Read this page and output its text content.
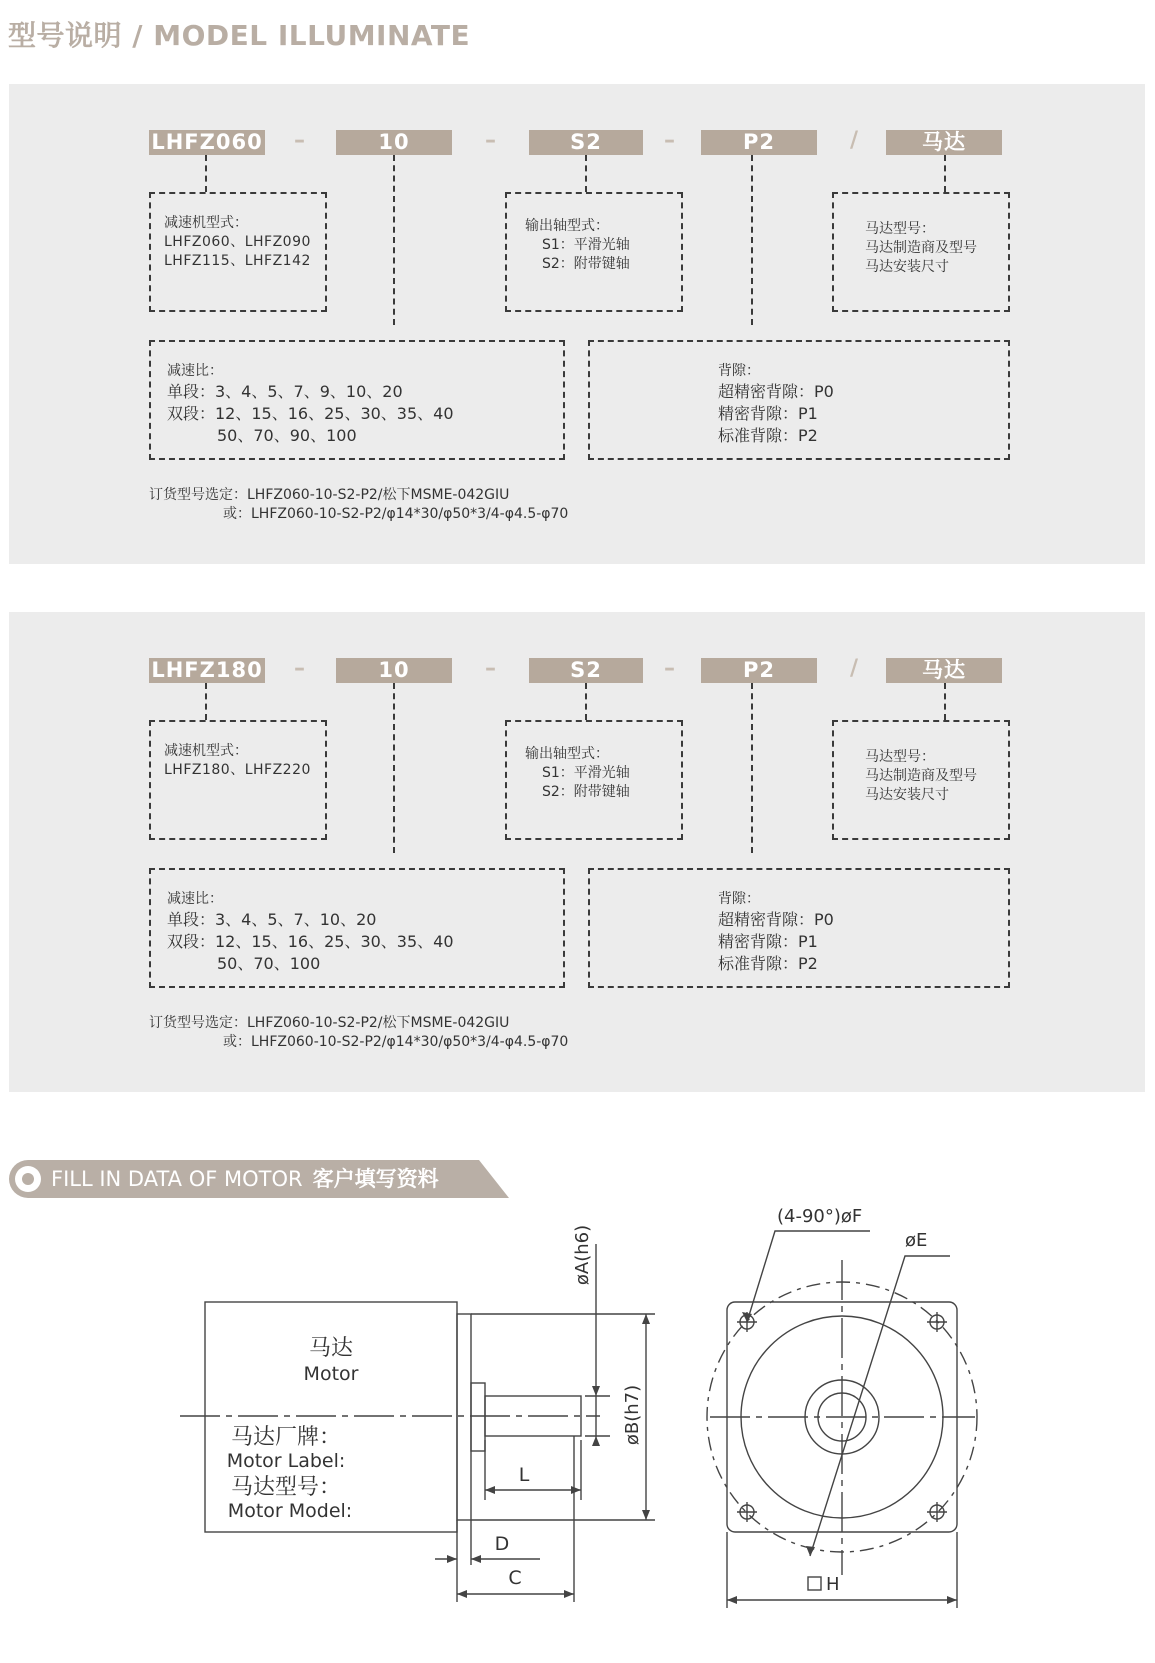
型号说明 / MODEL ILLUMINATE
LHFZ060 –	10	–	S2	–	P2	/	马达
减速机型式：
LHFZ060、LHFZ090
LHFZ115、LHFZ142
输出轴型式：
S1：平滑光轴
S2：附带键轴
马达型号：
马达制造商及型号
马达安装尺寸
减速比：
单段：3、4、5、7、9、10、20
双段：12、15、16、25、30、35、40
50、70、90、100
背隙：
超精密背隙：P0
精密背隙：P1
标准背隙：P2
订货型号选定：LHFZ060-10-S2-P2/松下MSME-042GIU
或：LHFZ060-10-S2-P2/φ14*30/φ50*3/4-φ4.5-φ70
LHFZ180 –	10	–	S2	–	P2	/	马达
减速机型式：
LHFZ180、LHFZ220
输出轴型式：
S1：平滑光轴
S2：附带键轴
马达型号：
马达制造商及型号
马达安装尺寸
减速比：
单段：3、4、5、7、10、20
双段：12、15、16、25、30、35、40
50、70、100
背隙：
超精密背隙：P0
精密背隙：P1
标准背隙：P2
订货型号选定：LHFZ060-10-S2-P2/松下MSME-042GIU
或：LHFZ060-10-S2-P2/φ14*30/φ50*3/4-φ4.5-φ70
FILL IN DATA OF MOTOR 客户填写资料
马达
Motor
马达厂牌：
Motor Label:
马达型号：
Motor Model:
øA(h6)
øB(h7)
L
D
C
(4-90°)øF
øE
H
